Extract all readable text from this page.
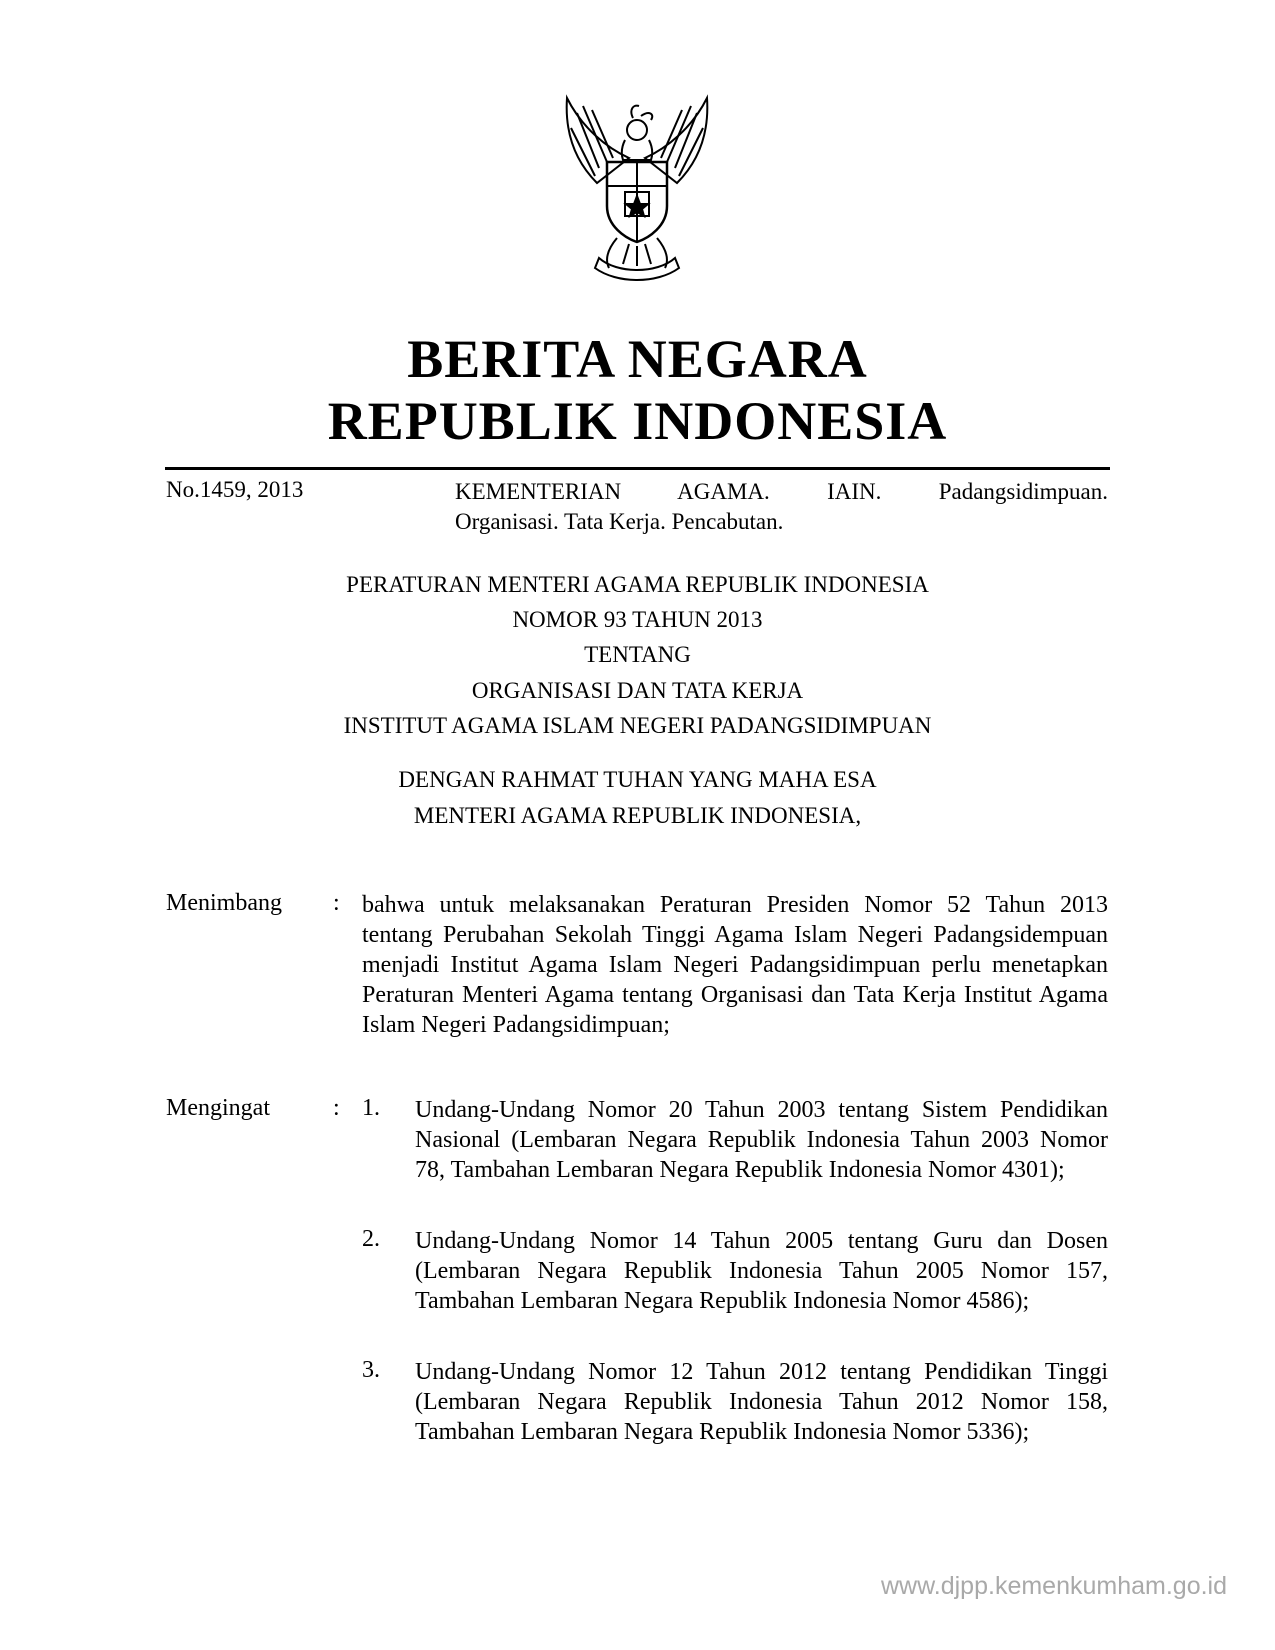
BERITA NEGARA
REPUBLIK INDONESIA
No.1459, 2013	KEMENTERIAN AGAMA. IAIN. Padangsidimpuan.
Organisasi. Tata Kerja. Pencabutan.
PERATURAN MENTERI AGAMA REPUBLIK INDONESIA
NOMOR 93 TAHUN 2013
TENTANG
ORGANISASI DAN TATA KERJA
INSTITUT AGAMA ISLAM NEGERI PADANGSIDIMPUAN
DENGAN RAHMAT TUHAN YANG MAHA ESA
MENTERI AGAMA REPUBLIK INDONESIA,
Menimbang : bahwa untuk melaksanakan Peraturan Presiden Nomor 52 Tahun 2013 tentang Perubahan Sekolah Tinggi Agama Islam Negeri Padangsidempuan menjadi Institut Agama Islam Negeri Padangsidimpuan perlu menetapkan Peraturan Menteri Agama tentang Organisasi dan Tata Kerja Institut Agama Islam Negeri Padangsidimpuan;
Mengingat	: 1. Undang-Undang Nomor 20 Tahun 2003 tentang Sistem Pendidikan Nasional (Lembaran Negara Republik Indonesia Tahun 2003 Nomor 78, Tambahan Lembaran Negara Republik Indonesia Nomor 4301);
2. Undang-Undang Nomor 14 Tahun 2005 tentang Guru dan Dosen (Lembaran Negara Republik Indonesia Tahun 2005 Nomor 157, Tambahan Lembaran Negara Republik Indonesia Nomor 4586);
3. Undang-Undang Nomor 12 Tahun 2012 tentang Pendidikan Tinggi (Lembaran Negara Republik Indonesia Tahun 2012 Nomor 158, Tambahan Lembaran Negara Republik Indonesia Nomor 5336);
www.djpp.kemenkumham.go.id
